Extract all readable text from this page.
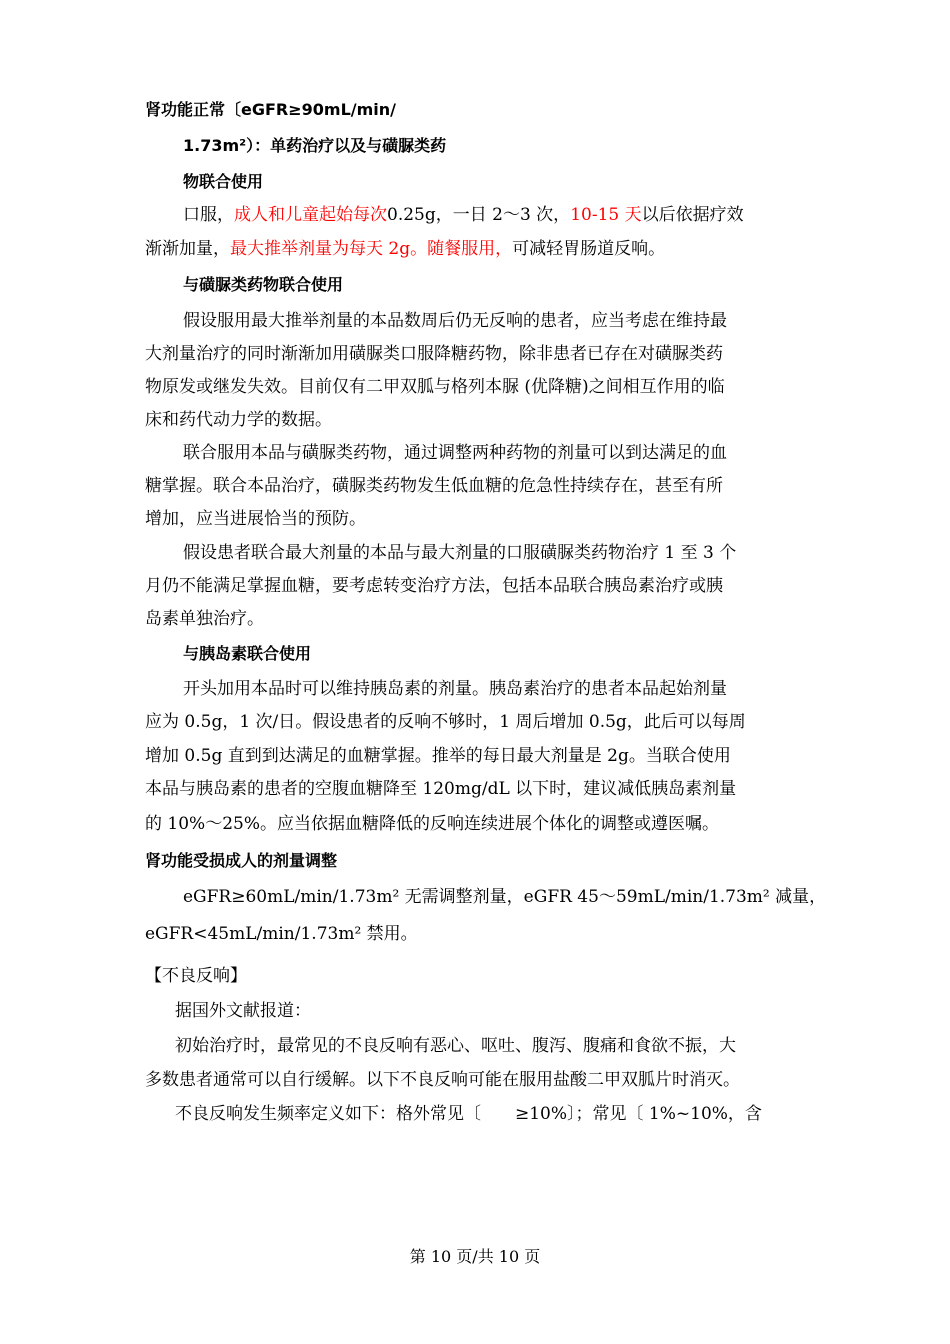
肾功能正常〔eGFR≥90mL/min/
1.73m²）：单药治疗以及与磺脲类药
物联合使用
口服，成人和儿童起始每次0.25g，一日 2～3 次，10-15 天以后依据疗效
渐渐加量，最大推举剂量为每天 2g。随餐服用，可减轻胃肠道反响。
与磺脲类药物联合使用
假设服用最大推举剂量的本品数周后仍无反响的患者，应当考虑在维持最
大剂量治疗的同时渐渐加用磺脲类口服降糖药物，除非患者已存在对磺脲类药
物原发或继发失效。目前仅有二甲双胍与格列本脲 (优降糖)之间相互作用的临
床和药代动力学的数据。
联合服用本品与磺脲类药物，通过调整两种药物的剂量可以到达满足的血
糖掌握。联合本品治疗，磺脲类药物发生低血糖的危急性持续存在，甚至有所
增加，应当进展恰当的预防。
假设患者联合最大剂量的本品与最大剂量的口服磺脲类药物治疗 1 至 3 个
月仍不能满足掌握血糖，要考虑转变治疗方法，包括本品联合胰岛素治疗或胰
岛素单独治疗。
与胰岛素联合使用
开头加用本品时可以维持胰岛素的剂量。胰岛素治疗的患者本品起始剂量
应为 0.5g，1 次/日。假设患者的反响不够时，1 周后增加 0.5g，此后可以每周
增加 0.5g 直到到达满足的血糖掌握。推举的每日最大剂量是 2g。当联合使用
本品与胰岛素的患者的空腹血糖降至 120mg/dL 以下时，建议减低胰岛素剂量
的 10%～25%。应当依据血糖降低的反响连续进展个体化的调整或遵医嘱。
肾功能受损成人的剂量调整
eGFR≥60mL/min/1.73m² 无需调整剂量，eGFR 45～59mL/min/1.73m² 减量，
eGFR<45mL/min/1.73m² 禁用。
【不良反响】
据国外文献报道：
初始治疗时，最常见的不良反响有恶心、呕吐、腹泻、腹痛和食欲不振，大
多数患者通常可以自行缓解。以下不良反响可能在服用盐酸二甲双胍片时消灭。
不良反响发生频率定义如下：格外常见〔　　≥10%〕；常见〔 1%~10%，含
第 10 页/共 10 页
